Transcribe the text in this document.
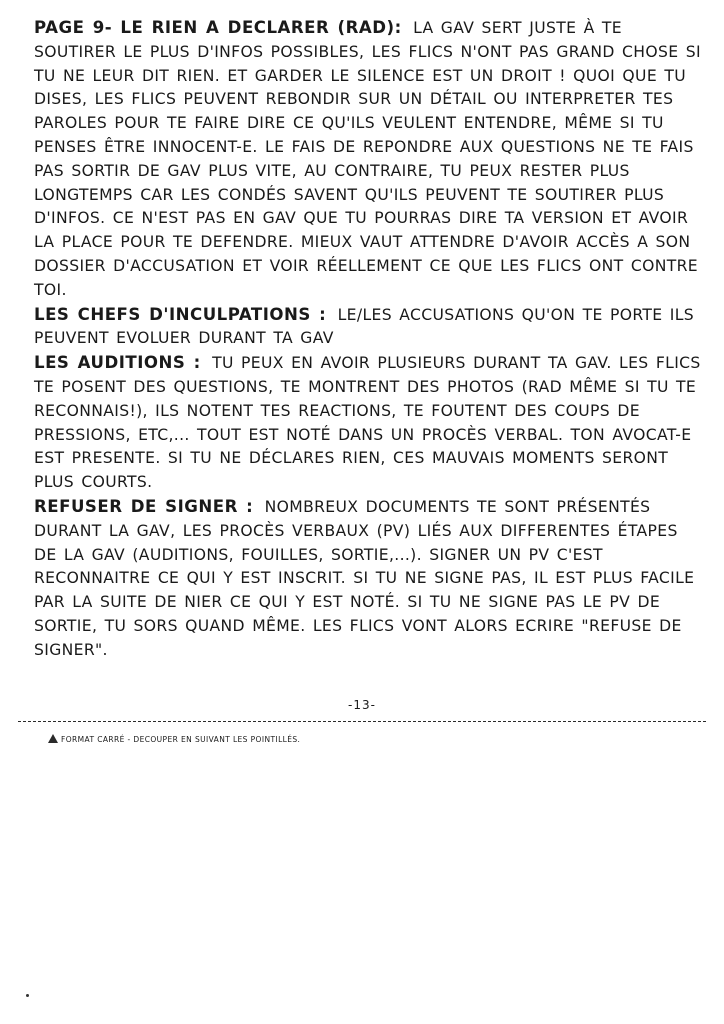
PAGE 9- LE RIEN A DECLARER (RAD): LA GAV SERT JUSTE À TE SOUTIRER LE PLUS D'INFOS POSSIBLES, LES FLICS N'ONT PAS GRAND CHOSE SI TU NE LEUR DIT RIEN. ET GARDER LE SILENCE EST UN DROIT ! QUOI QUE TU DISES, LES FLICS PEUVENT REBONDIR SUR UN DÉTAIL OU INTERPRETER TES PAROLES POUR TE FAIRE DIRE CE QU'ILS VEULENT ENTENDRE, MÊME SI TU PENSES ÊTRE INNOCENT-E. LE FAIS DE REPONDRE AUX QUESTIONS NE TE FAIS PAS SORTIR DE GAV PLUS VITE, AU CONTRAIRE, TU PEUX RESTER PLUS LONGTEMPS CAR LES CONDÉS SAVENT QU'ILS PEUVENT TE SOUTIRER PLUS D'INFOS. CE N'EST PAS EN GAV QUE TU POURRAS DIRE TA VERSION ET AVOIR LA PLACE POUR TE DEFENDRE. MIEUX VAUT ATTENDRE D'AVOIR ACCÈS A SON DOSSIER D'ACCUSATION ET VOIR RÉELLEMENT CE QUE LES FLICS ONT CONTRE TOI.

LES CHEFS D'INCULPATIONS : LE/LES ACCUSATIONS QU'ON TE PORTE ILS PEUVENT EVOLUER DURANT TA GAV

LES AUDITIONS : TU PEUX EN AVOIR PLUSIEURS DURANT TA GAV. LES FLICS TE POSENT DES QUESTIONS, TE MONTRENT DES PHOTOS (RAD MÊME SI TU TE RECONNAIS!), ILS NOTENT TES REACTIONS, TE FOUTENT DES COUPS DE PRESSIONS, ETC,... TOUT EST NOTÉ DANS UN PROCÈS VERBAL. TON AVOCAT-E EST PRESENTE. SI TU NE DÉCLARES RIEN, CES MAUVAIS MOMENTS SERONT PLUS COURTS.

REFUSER DE SIGNER : NOMBREUX DOCUMENTS TE SONT PRÉSENTÉS DURANT LA GAV, LES PROCÈS VERBAUX (PV) LIÉS AUX DIFFERENTES ÉTAPES DE LA GAV (AUDITIONS, FOUILLES, SORTIE,...). SIGNER UN PV C'EST RECONNAITRE CE QUI Y EST INSCRIT. SI TU NE SIGNE PAS, IL EST PLUS FACILE PAR LA SUITE DE NIER CE QUI Y EST NOTÉ. SI TU NE SIGNE PAS LE PV DE SORTIE, TU SORS QUAND MÊME. LES FLICS VONT ALORS ECRIRE "REFUSE DE SIGNER".

-13-
FORMAT CARRÉ - DECOUPER EN SUIVANT LES POINTILLÉS.
